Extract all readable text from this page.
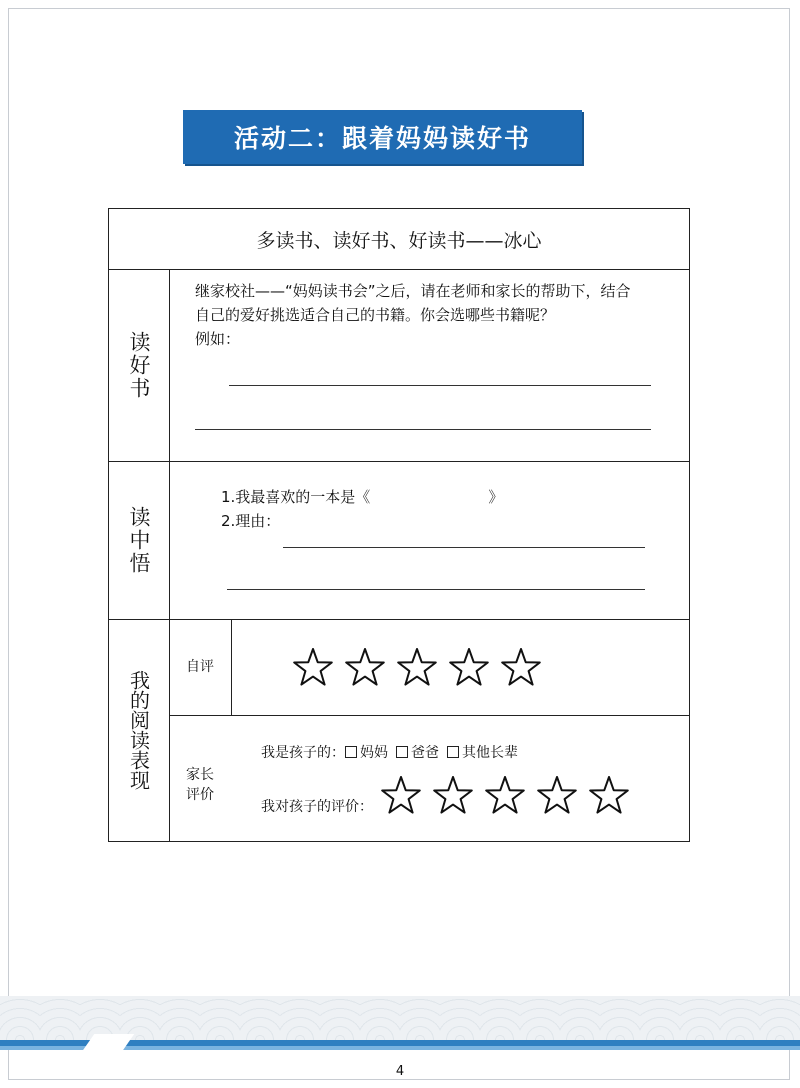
活动二：跟着妈妈读好书
多读书、读好书、好读书——冰心
读好书
继家校社——“妈妈读书会”之后，请在老师和家长的帮助下，结合
自己的爱好挑选适合自己的书籍。你会选哪些书籍呢？
例如：
读中悟
1.我最喜欢的一本是《	》
2.理由：
我的阅读表现
自评
家长
评价
我是孩子的： 妈妈 爸爸 其他长辈
我对孩子的评价：
4
